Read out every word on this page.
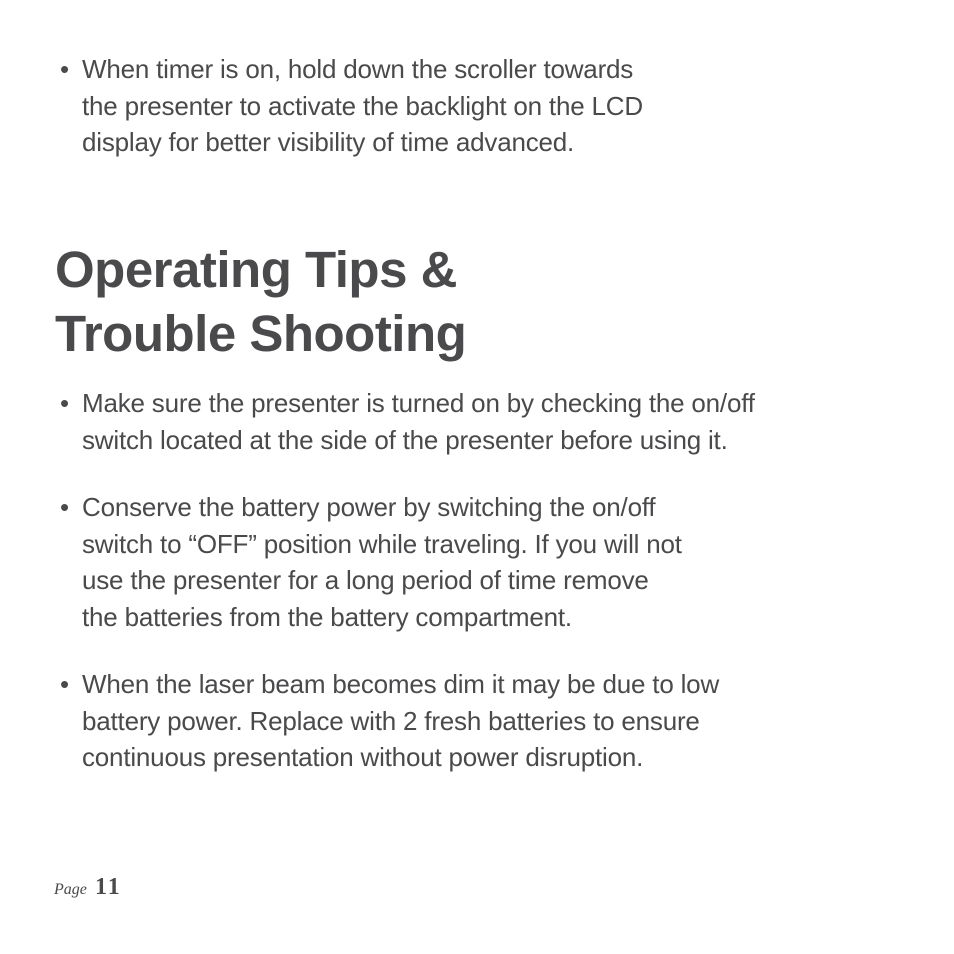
• When timer is on, hold down the scroller towards
the presenter to activate the backlight on the LCD
display for better visibility of time advanced.
Operating Tips &
Trouble Shooting
• Make sure the presenter is turned on by checking the on/off
switch located at the side of the presenter before using it.
• Conserve the battery power by switching the on/off
switch to “OFF” position while traveling. If you will not
use the presenter for a long period of time remove
the batteries from the battery compartment.
• When the laser beam becomes dim it may be due to low
battery power. Replace with 2 fresh batteries to ensure
continuous presentation without power disruption.
Page 11
